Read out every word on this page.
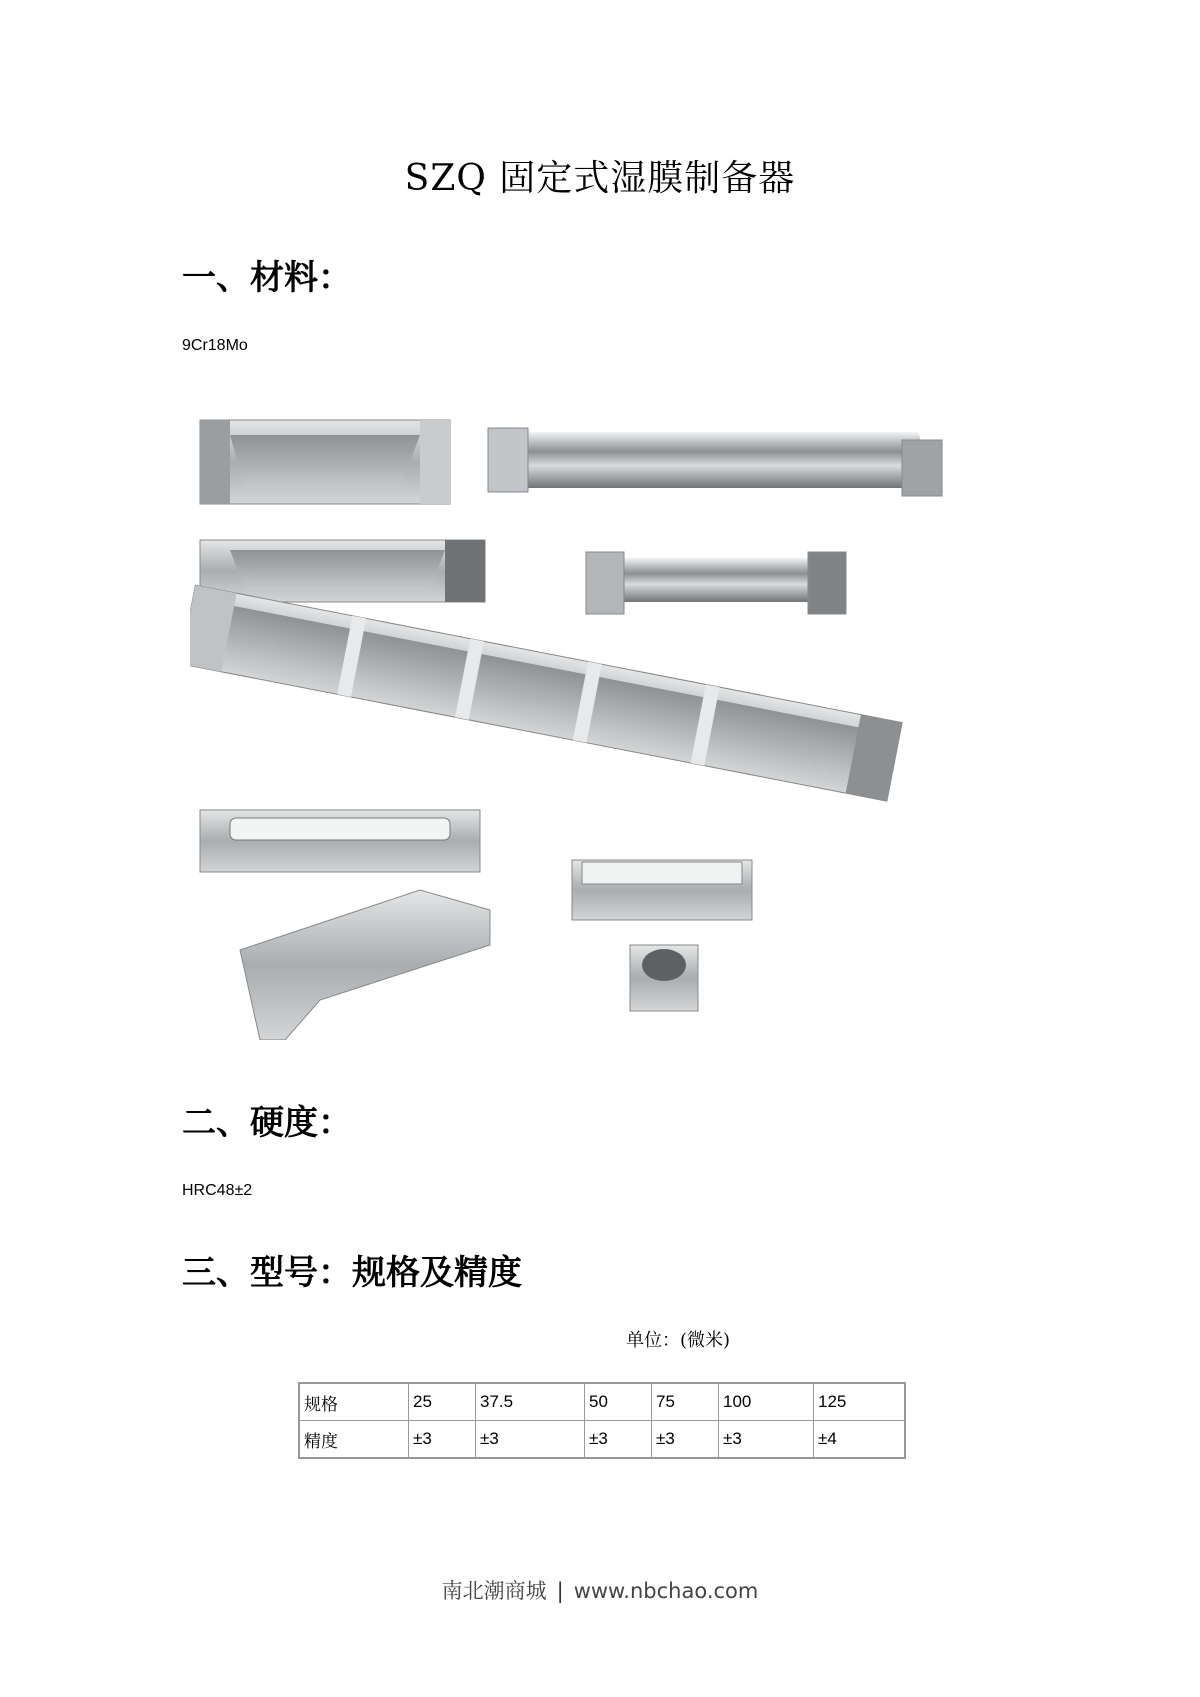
SZQ 固定式湿膜制备器
一、材料：
9Cr18Mo
二、硬度：
HRC48±2
三、型号：规格及精度
单位：(微米)
规格	25	37.5	50	75	100	125
精度	±3	±3	±3	±3	±3	±4
南北潮商城 | www.nbchao.com
